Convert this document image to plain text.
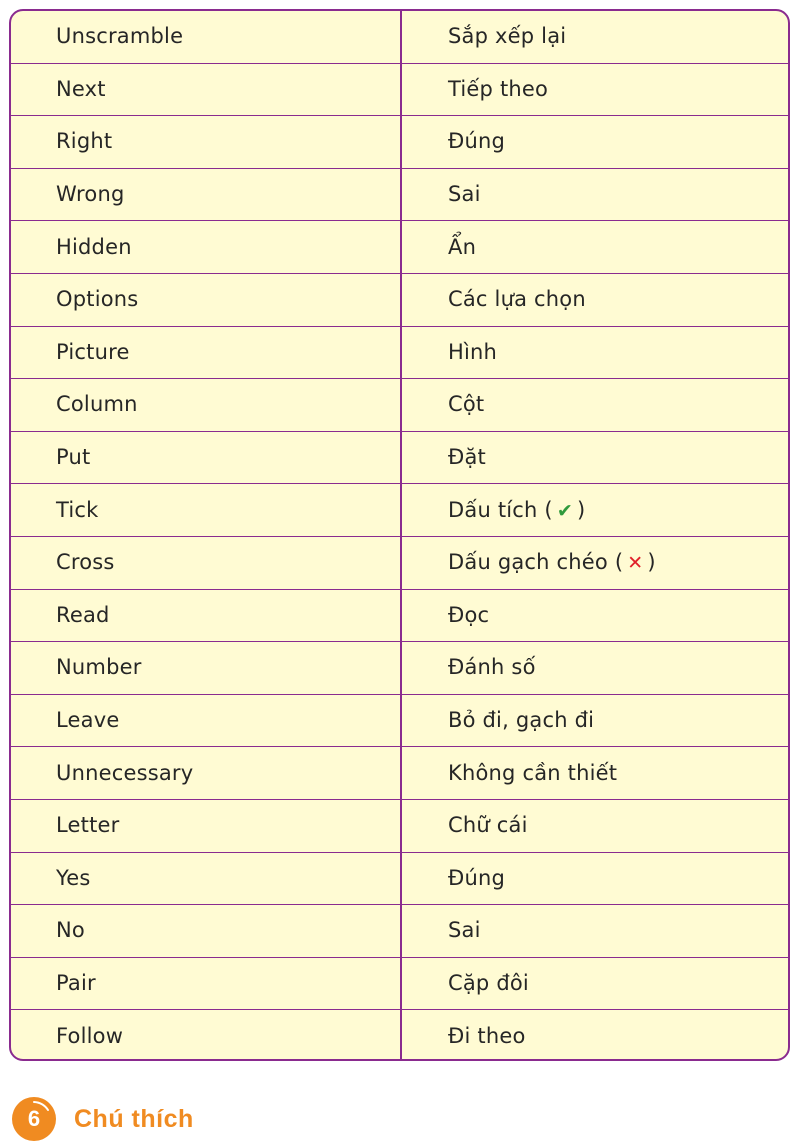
Unscramble	Sắp xếp lại
Next	Tiếp theo
Right	Đúng
Wrong	Sai
Hidden	Ẩn
Options	Các lựa chọn
Picture	Hình
Column	Cột
Put	Đặt
Tick	Dấu tích ( ✔ )
Cross	Dấu gạch chéo ( ✕ )
Read	Đọc
Number	Đánh số
Leave	Bỏ đi, gạch đi
Unnecessary	Không cần thiết
Letter	Chữ cái
Yes	Đúng
No	Sai
Pair	Cặp đôi
Follow	Đi theo
6 Chú thích
